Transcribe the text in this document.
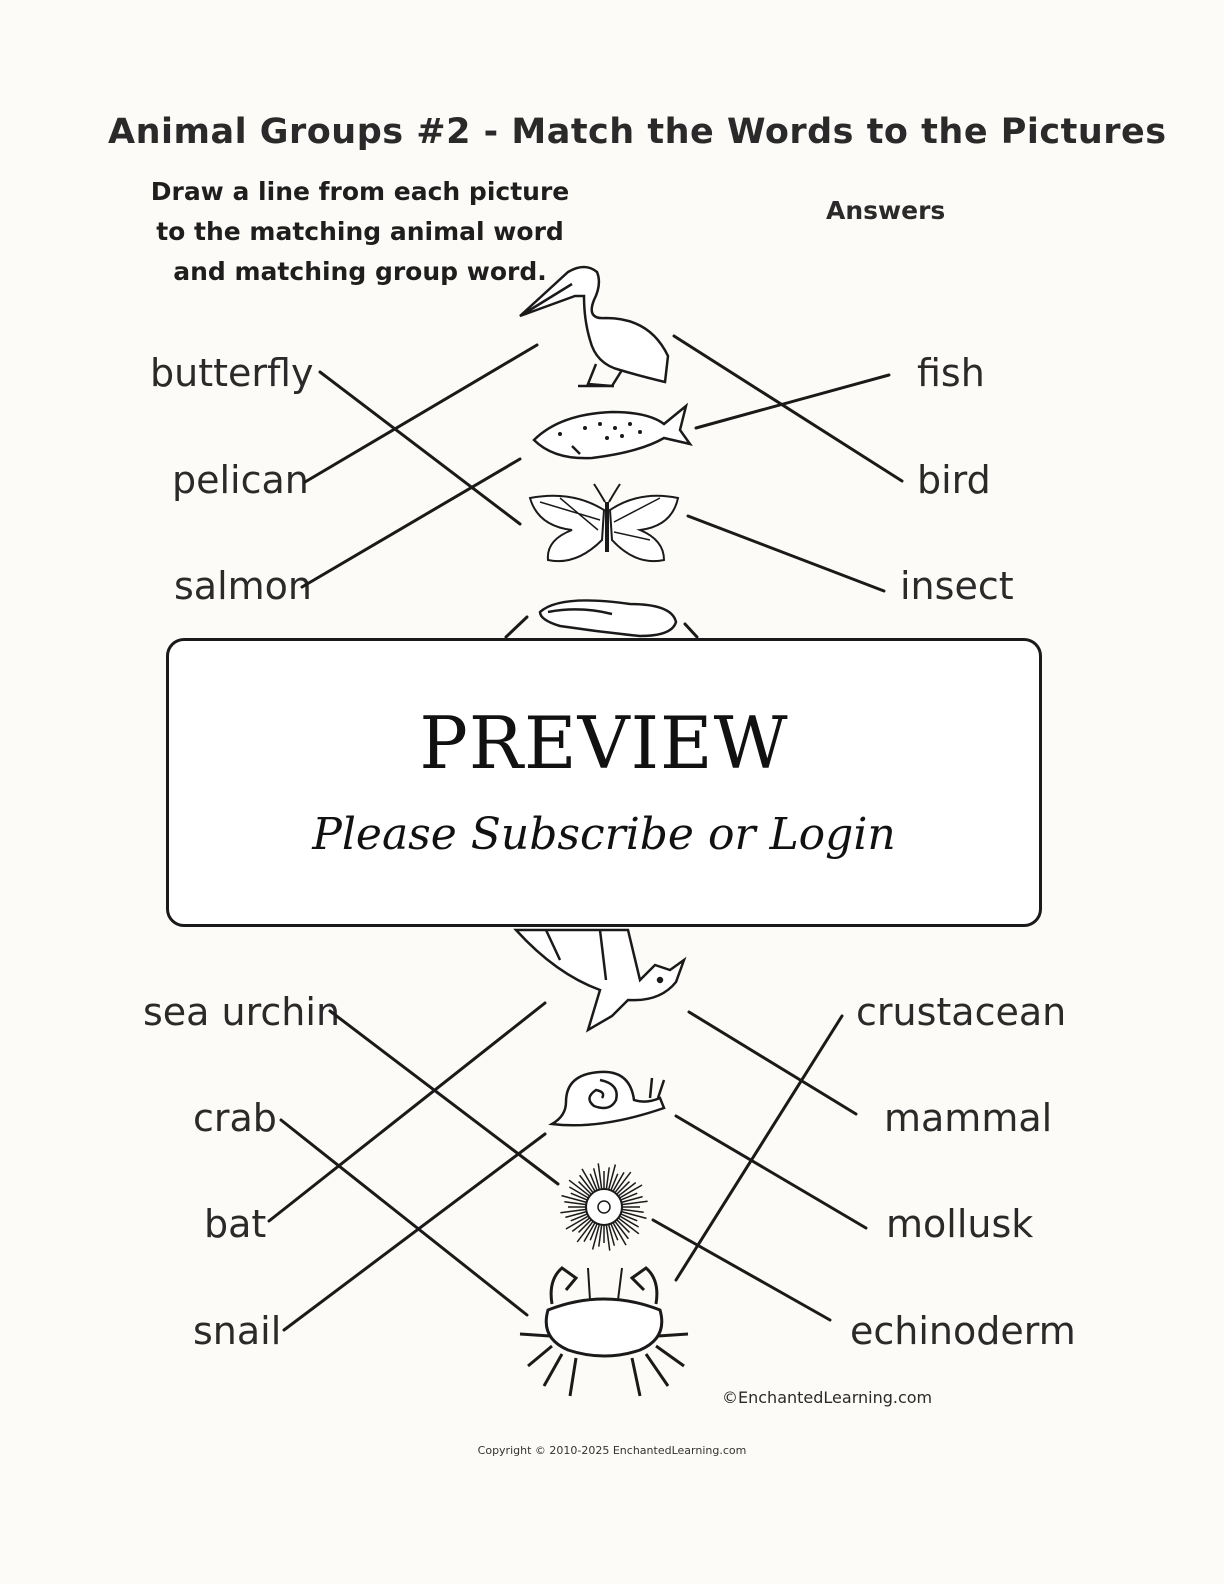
Animal Groups #2 - Match the Words to the Pictures
Draw a line from each picture
to the matching animal word
and matching group word.
Answers
butterfly
pelican
salmon
sea urchin
crab
bat
snail
fish
bird
insect
crustacean
mammal
mollusk
echinoderm
PREVIEW
Please Subscribe or Login
©EnchantedLearning.com
Copyright © 2010-2025 EnchantedLearning.com
